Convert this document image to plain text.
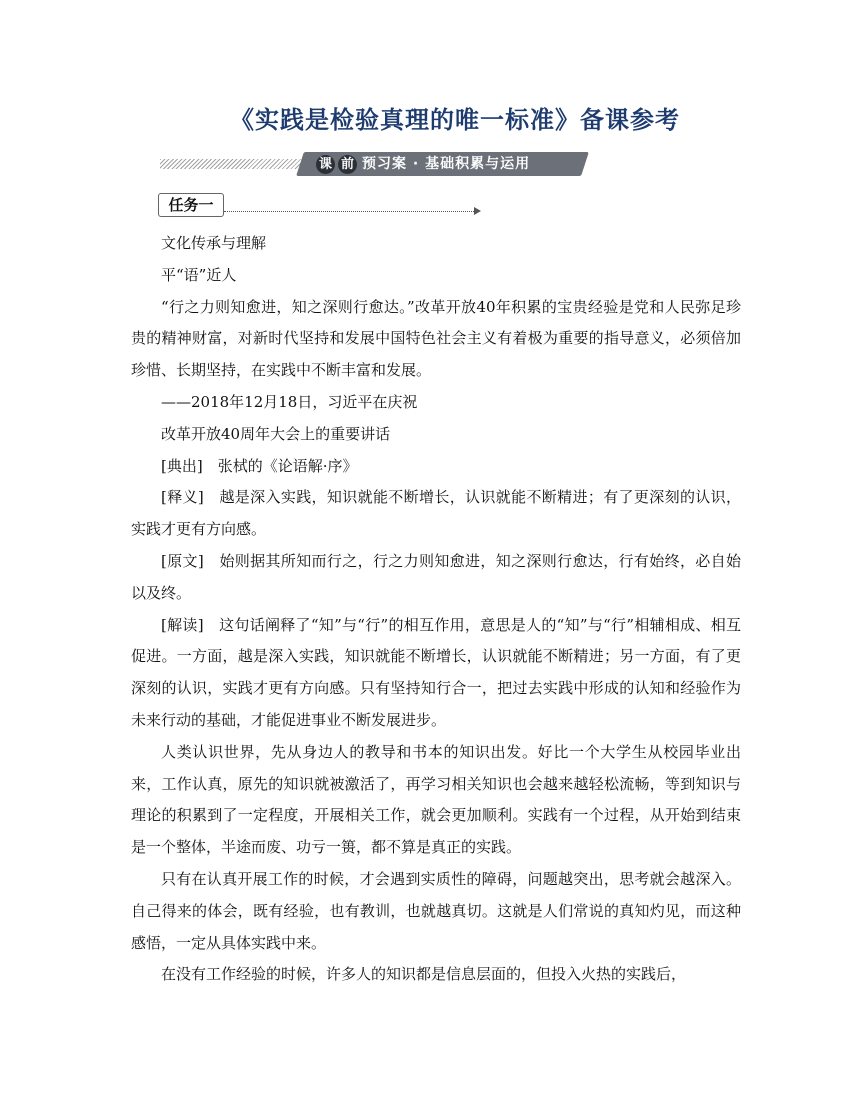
《实践是检验真理的唯一标准》备课参考
课 前 预习案 · 基础积累与运用
任务一

文化传承与理解

平“语”近人

“行之力则知愈进，知之深则行愈达。”改革开放40年积累的宝贵经验是党和人民弥足珍贵的精神财富，对新时代坚持和发展中国特色社会主义有着极为重要的指导意义，必须倍加珍惜、长期坚持，在实践中不断丰富和发展。

——2018年12月18日，习近平在庆祝

改革开放40周年大会上的重要讲话

[典出]　张栻的《论语解·序》

[释义]　越是深入实践，知识就能不断增长，认识就能不断精进；有了更深刻的认识，实践才更有方向感。

[原文]　始则据其所知而行之，行之力则知愈进，知之深则行愈达，行有始终，必自始以及终。

[解读]　这句话阐释了“知”与“行”的相互作用，意思是人的“知”与“行”相辅相成、相互促进。一方面，越是深入实践，知识就能不断增长，认识就能不断精进；另一方面，有了更深刻的认识，实践才更有方向感。只有坚持知行合一，把过去实践中形成的认知和经验作为未来行动的基础，才能促进事业不断发展进步。

人类认识世界，先从身边人的教导和书本的知识出发。好比一个大学生从校园毕业出来，工作认真，原先的知识就被激活了，再学习相关知识也会越来越轻松流畅，等到知识与理论的积累到了一定程度，开展相关工作，就会更加顺利。实践有一个过程，从开始到结束是一个整体，半途而废、功亏一篑，都不算是真正的实践。

只有在认真开展工作的时候，才会遇到实质性的障碍，问题越突出，思考就会越深入。自己得来的体会，既有经验，也有教训，也就越真切。这就是人们常说的真知灼见，而这种感悟，一定从具体实践中来。

在没有工作经验的时候，许多人的知识都是信息层面的，但投入火热的实践后，
